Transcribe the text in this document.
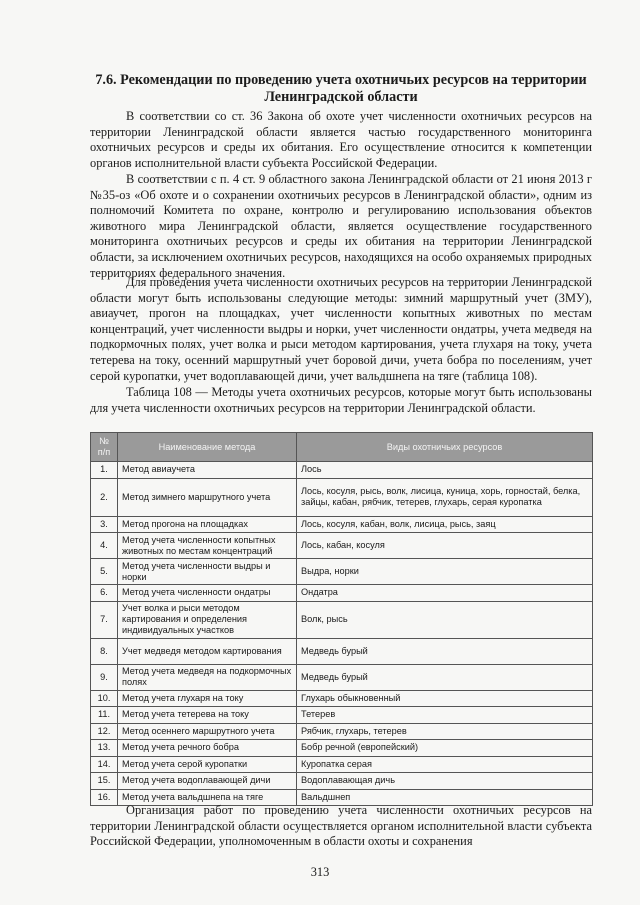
7.6. Рекомендации по проведению учета охотничьих ресурсов на территории
Ленинградской области

В соответствии со ст. 36 Закона об охоте учет численности охотничьих ресурсов на территории Ленинградской области является частью государственного мониторинга охотничьих ресурсов и среды их обитания. Его осуществление относится к компетенции органов исполнительной власти субъекта Российской Федерации.

В соответствии с п. 4 ст. 9 областного закона Ленинградской области от 21 июня 2013 г №35-оз «Об охоте и о сохранении охотничьих ресурсов в Ленинградской области», одним из полномочий Комитета по охране, контролю и регулированию использования объектов животного мира Ленинградской области, является осуществление государственного мониторинга охотничьих ресурсов и среды их обитания на территории Ленинградской области, за исключением охотничьих ресурсов, находящихся на особо охраняемых природных территориях федерального значения.

Для проведения учета численности охотничьих ресурсов на территории Ленинградской области могут быть использованы следующие методы: зимний маршрутный учет (ЗМУ), авиаучет, прогон на площадках, учет численности копытных животных по местам концентраций, учет численности выдры и норки, учет численности ондатры, учета медведя на подкормочных полях, учет волка и рыси методом картирования, учета глухаря на току, учета тетерева на току, осенний маршрутный учет боровой дичи, учета бобра по поселениям, учет серой куропатки, учет водоплавающей дичи, учет вальдшнепа на тяге (таблица 108).

Таблица 108 — Методы учета охотничьих ресурсов, которые могут быть использованы для учета численности охотничьих ресурсов на территории Ленинградской области.

№ п/п	Наименование метода	Виды охотничьих ресурсов
1.	Метод авиаучета	Лось
2.	Метод зимнего маршрутного учета	Лось, косуля, рысь, волк, лисица, куница, хорь, горностай, белка, зайцы, кабан, рябчик, тетерев, глухарь, серая куропатка
3.	Метод прогона на площадках	Лось, косуля, кабан, волк, лисица, рысь, заяц
4.	Метод учета численности копытных животных по местам концентраций	Лось, кабан, косуля
5.	Метод учета численности выдры и норки	Выдра, норки
6.	Метод учета численности ондатры	Ондатра
7.	Учет волка и рыси методом картирования и определения индивидуальных участков	Волк, рысь
8.	Учет медведя методом картирования	Медведь бурый
9.	Метод учета медведя на подкормочных полях	Медведь бурый
10.	Метод учета глухаря на току	Глухарь обыкновенный
11.	Метод учета тетерева на току	Тетерев
12.	Метод осеннего маршрутного учета	Рябчик, глухарь, тетерев
13.	Метод учета речного бобра	Бобр речной (европейский)
14.	Метод учета серой куропатки	Куропатка серая
15.	Метод учета водоплавающей дичи	Водоплавающая дичь
16.	Метод учета вальдшнепа на тяге	Вальдшнеп

Организация работ по проведению учета численности охотничьих ресурсов на территории Ленинградской области осуществляется органом исполнительной власти субъекта Российской Федерации, уполномоченным в области охоты и сохранения

313
